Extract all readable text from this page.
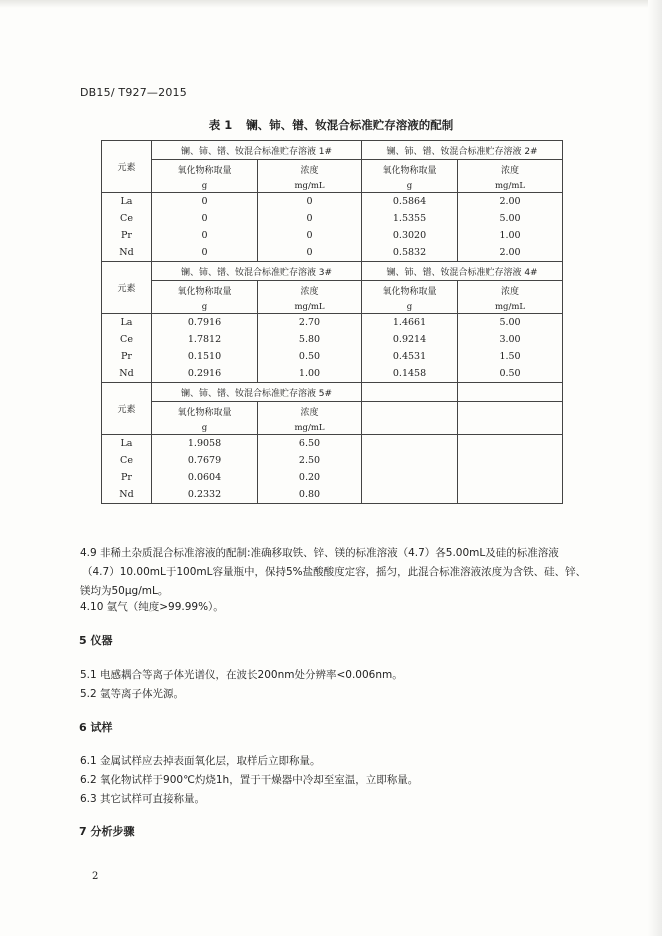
DB15/ T927—2015
表 1 镧、铈、镨、钕混合标准贮存溶液的配制
元素	镧、铈、镨、钕混合标准贮存溶液 1#		镧、铈、镨、钕混合标准贮存溶液 2#	
	氧化物称取量	浓度	氧化物称取量	浓度
	g	mg/mL	g	mg/mL
La	0	0	0.5864	2.00
Ce	0	0	1.5355	5.00
Pr	0	0	0.3020	1.00
Nd	0	0	0.5832	2.00
元素	镧、铈、镨、钕混合标准贮存溶液 3#		镧、铈、镨、钕混合标准贮存溶液 4#	
	氧化物称取量	浓度	氧化物称取量	浓度
	g	mg/mL	g	mg/mL
La	0.7916	2.70	1.4661	5.00
Ce	1.7812	5.80	0.9214	3.00
Pr	0.1510	0.50	0.4531	1.50
Nd	0.2916	1.00	0.1458	0.50
元素	镧、铈、镨、钕混合标准贮存溶液 5#			
	氧化物称取量	浓度		
	g	mg/mL		
La	1.9058	6.50		
Ce	0.7679	2.50		
Pr	0.0604	0.20		
Nd	0.2332	0.80		
4.9 非稀土杂质混合标准溶液的配制:准确移取铁、锌、镁的标准溶液（4.7）各5.00mL及硅的标准溶液
（4.7）10.00mL于100mL容量瓶中，保持5%盐酸酸度定容，摇匀，此混合标准溶液浓度为含铁、硅、锌、
镁均为50μg/mL。
4.10 氩气（纯度>99.99%）。
5 仪器
5.1 电感耦合等离子体光谱仪，在波长200nm处分辨率<0.006nm。
5.2 氩等离子体光源。
6 试样
6.1 金属试样应去掉表面氧化层，取样后立即称量。
6.2 氧化物试样于900℃灼烧1h，置于干燥器中冷却至室温，立即称量。
6.3 其它试样可直接称量。
7 分析步骤
2
